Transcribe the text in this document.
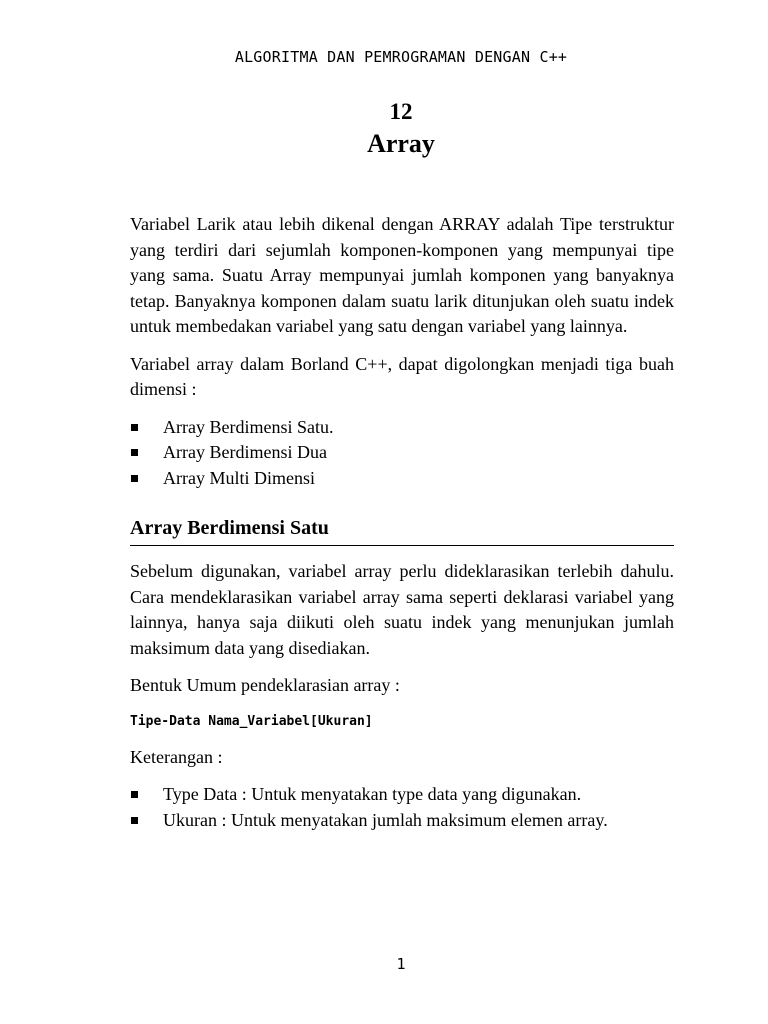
ALGORITMA DAN PEMROGRAMAN DENGAN C++
12
Array

Variabel Larik atau lebih dikenal dengan ARRAY adalah Tipe terstruktur yang terdiri dari sejumlah komponen-komponen yang mempunyai tipe yang sama. Suatu Array mempunyai jumlah komponen yang banyaknya tetap. Banyaknya komponen dalam suatu larik ditunjukan oleh suatu indek untuk membedakan variabel yang satu dengan variabel yang lainnya.

Variabel array dalam Borland C++, dapat digolongkan menjadi tiga buah dimensi :

Array Berdimensi Satu.
Array Berdimensi Dua
Array Multi Dimensi
Array Berdimensi Satu

Sebelum digunakan, variabel array perlu dideklarasikan terlebih dahulu. Cara mendeklarasikan variabel array sama seperti deklarasi variabel yang lainnya, hanya saja diikuti oleh suatu indek yang menunjukan jumlah maksimum data yang disediakan.

Bentuk Umum pendeklarasian array :

Tipe-Data Nama_Variabel[Ukuran]

Keterangan :

Type Data : Untuk menyatakan type data yang digunakan.
Ukuran : Untuk menyatakan jumlah maksimum elemen array.
1
